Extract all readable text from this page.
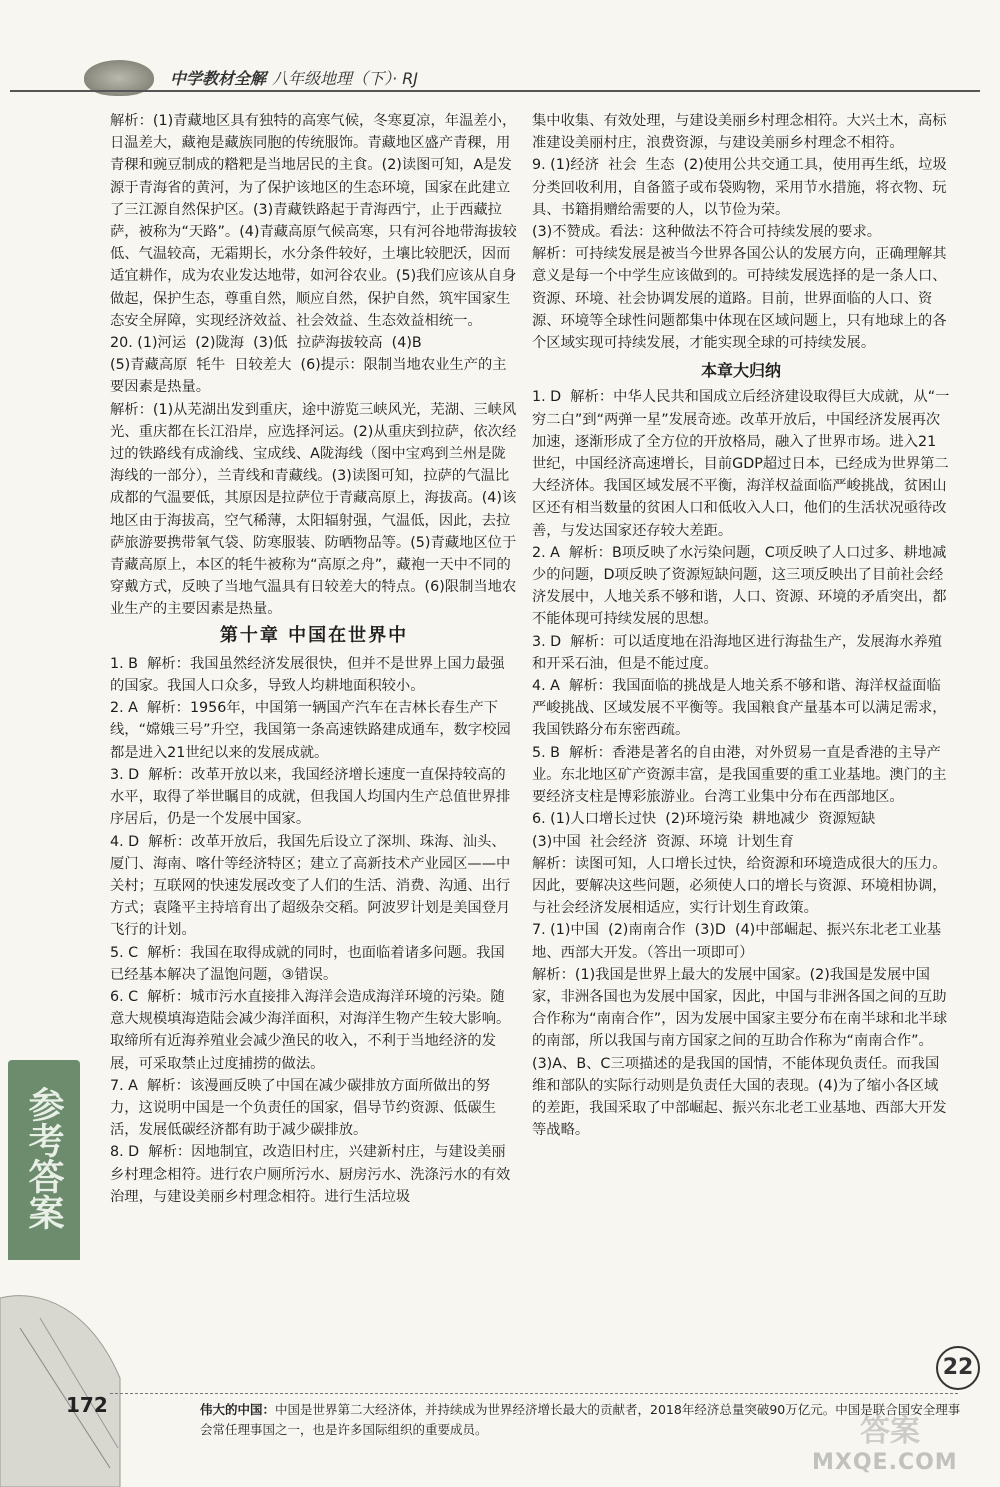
中学教材全解 八年级地理（下）· RJ

解析：(1)青藏地区具有独特的高寒气候，冬寒夏凉，年温差小，日温差大，藏袍是藏族同胞的传统服饰。青藏地区盛产青稞，用青稞和豌豆制成的糌粑是当地居民的主食。(2)读图可知，A是发源于青海省的黄河，为了保护该地区的生态环境，国家在此建立了三江源自然保护区。(3)青藏铁路起于青海西宁，止于西藏拉萨，被称为“天路”。(4)青藏高原气候高寒，只有河谷地带海拔较低、气温较高，无霜期长，水分条件较好，土壤比较肥沃，因而适宜耕作，成为农业发达地带，如河谷农业。(5)我们应该从自身做起，保护生态，尊重自然，顺应自然，保护自然，筑牢国家生态安全屏障，实现经济效益、社会效益、生态效益相统一。

20. (1)河运  (2)陇海  (3)低  拉萨海拔较高  (4)B
(5)青藏高原  牦牛  日较差大  (6)提示：限制当地农业生产的主要因素是热量。

解析：(1)从芜湖出发到重庆，途中游览三峡风光，芜湖、三峡风光、重庆都在长江沿岸，应选择河运。(2)从重庆到拉萨，依次经过的铁路线有成渝线、宝成线、A陇海线（图中宝鸡到兰州是陇海线的一部分），兰青线和青藏线。(3)读图可知，拉萨的气温比成都的气温要低，其原因是拉萨位于青藏高原上，海拔高。(4)该地区由于海拔高，空气稀薄，太阳辐射强，气温低，因此，去拉萨旅游要携带氧气袋、防寒服装、防晒物品等。(5)青藏地区位于青藏高原上，本区的牦牛被称为“高原之舟”，藏袍一天中不同的穿戴方式，反映了当地气温具有日较差大的特点。(6)限制当地农业生产的主要因素是热量。

第十章 中国在世界中

1. B  解析：我国虽然经济发展很快，但并不是世界上国力最强的国家。我国人口众多，导致人均耕地面积较小。

2. A  解析：1956年，中国第一辆国产汽车在吉林长春生产下线，“嫦娥三号”升空，我国第一条高速铁路建成通车，数字校园都是进入21世纪以来的发展成就。

3. D  解析：改革开放以来，我国经济增长速度一直保持较高的水平，取得了举世瞩目的成就，但我国人均国内生产总值世界排序居后，仍是一个发展中国家。

4. D  解析：改革开放后，我国先后设立了深圳、珠海、汕头、厦门、海南、喀什等经济特区；建立了高新技术产业园区——中关村；互联网的快速发展改变了人们的生活、消费、沟通、出行方式；袁隆平主持培育出了超级杂交稻。阿波罗计划是美国登月飞行的计划。

5. C  解析：我国在取得成就的同时，也面临着诸多问题。我国已经基本解决了温饱问题，③错误。

6. C  解析：城市污水直接排入海洋会造成海洋环境的污染。随意大规模填海造陆会减少海洋面积，对海洋生物产生较大影响。取缔所有近海养殖业会减少渔民的收入，不利于当地经济的发展，可采取禁止过度捕捞的做法。

7. A  解析：该漫画反映了中国在减少碳排放方面所做出的努力，这说明中国是一个负责任的国家，倡导节约资源、低碳生活，发展低碳经济都有助于减少碳排放。

8. D  解析：因地制宜，改造旧村庄，兴建新村庄，与建设美丽乡村理念相符。进行农户厕所污水、厨房污水、洗涤污水的有效治理，与建设美丽乡村理念相符。进行生活垃圾

集中收集、有效处理，与建设美丽乡村理念相符。大兴土木，高标准建设美丽村庄，浪费资源，与建设美丽乡村理念不相符。

9. (1)经济  社会  生态  (2)使用公共交通工具，使用再生纸，垃圾分类回收利用，自备篮子或布袋购物，采用节水措施，将衣物、玩具、书籍捐赠给需要的人，以节俭为荣。
(3)不赞成。看法：这种做法不符合可持续发展的要求。

解析：可持续发展是被当今世界各国公认的发展方向，正确理解其意义是每一个中学生应该做到的。可持续发展选择的是一条人口、资源、环境、社会协调发展的道路。目前，世界面临的人口、资源、环境等全球性问题都集中体现在区域问题上，只有地球上的各个区域实现可持续发展，才能实现全球的可持续发展。

本章大归纳

1. D  解析：中华人民共和国成立后经济建设取得巨大成就，从“一穷二白”到“两弹一星”发展奇迹。改革开放后，中国经济发展再次加速，逐渐形成了全方位的开放格局，融入了世界市场。进入21世纪，中国经济高速增长，目前GDP超过日本，已经成为世界第二大经济体。我国区域发展不平衡，海洋权益面临严峻挑战，贫困山区还有相当数量的贫困人口和低收入人口，他们的生活状况亟待改善，与发达国家还存较大差距。

2. A  解析：B项反映了水污染问题，C项反映了人口过多、耕地减少的问题，D项反映了资源短缺问题，这三项反映出了目前社会经济发展中，人地关系不够和谐，人口、资源、环境的矛盾突出，都不能体现可持续发展的思想。

3. D  解析：可以适度地在沿海地区进行海盐生产，发展海水养殖和开采石油，但是不能过度。

4. A  解析：我国面临的挑战是人地关系不够和谐、海洋权益面临严峻挑战、区域发展不平衡等。我国粮食产量基本可以满足需求，我国铁路分布东密西疏。

5. B  解析：香港是著名的自由港，对外贸易一直是香港的主导产业。东北地区矿产资源丰富，是我国重要的重工业基地。澳门的主要经济支柱是博彩旅游业。台湾工业集中分布在西部地区。

6. (1)人口增长过快  (2)环境污染  耕地减少  资源短缺
(3)中国  社会经济  资源、环境  计划生育

解析：读图可知，人口增长过快，给资源和环境造成很大的压力。因此，要解决这些问题，必须使人口的增长与资源、环境相协调，与社会经济发展相适应，实行计划生育政策。

7. (1)中国  (2)南南合作  (3)D  (4)中部崛起、振兴东北老工业基地、西部大开发。（答出一项即可）

解析：(1)我国是世界上最大的发展中国家。(2)我国是发展中国家，非洲各国也为发展中国家，因此，中国与非洲各国之间的互助合作称为“南南合作”，因为发展中国家主要分布在南半球和北半球的南部，所以我国与南方国家之间的互助合作称为“南南合作”。(3)A、B、C三项描述的是我国的国情，不能体现负责任。而我国维和部队的实际行动则是负责任大国的表现。(4)为了缩小各区域的差距，我国采取了中部崛起、振兴东北老工业基地、西部大开发等战略。

参考答案
172	伟大的中国：中国是世界第二大经济体，并持续成为世界经济增长最大的贡献者，2018年经济总量突破90万亿元。中国是联合国安全理事会常任理事国之一，也是许多国际组织的重要成员。
22
答案
MXQE.COM
